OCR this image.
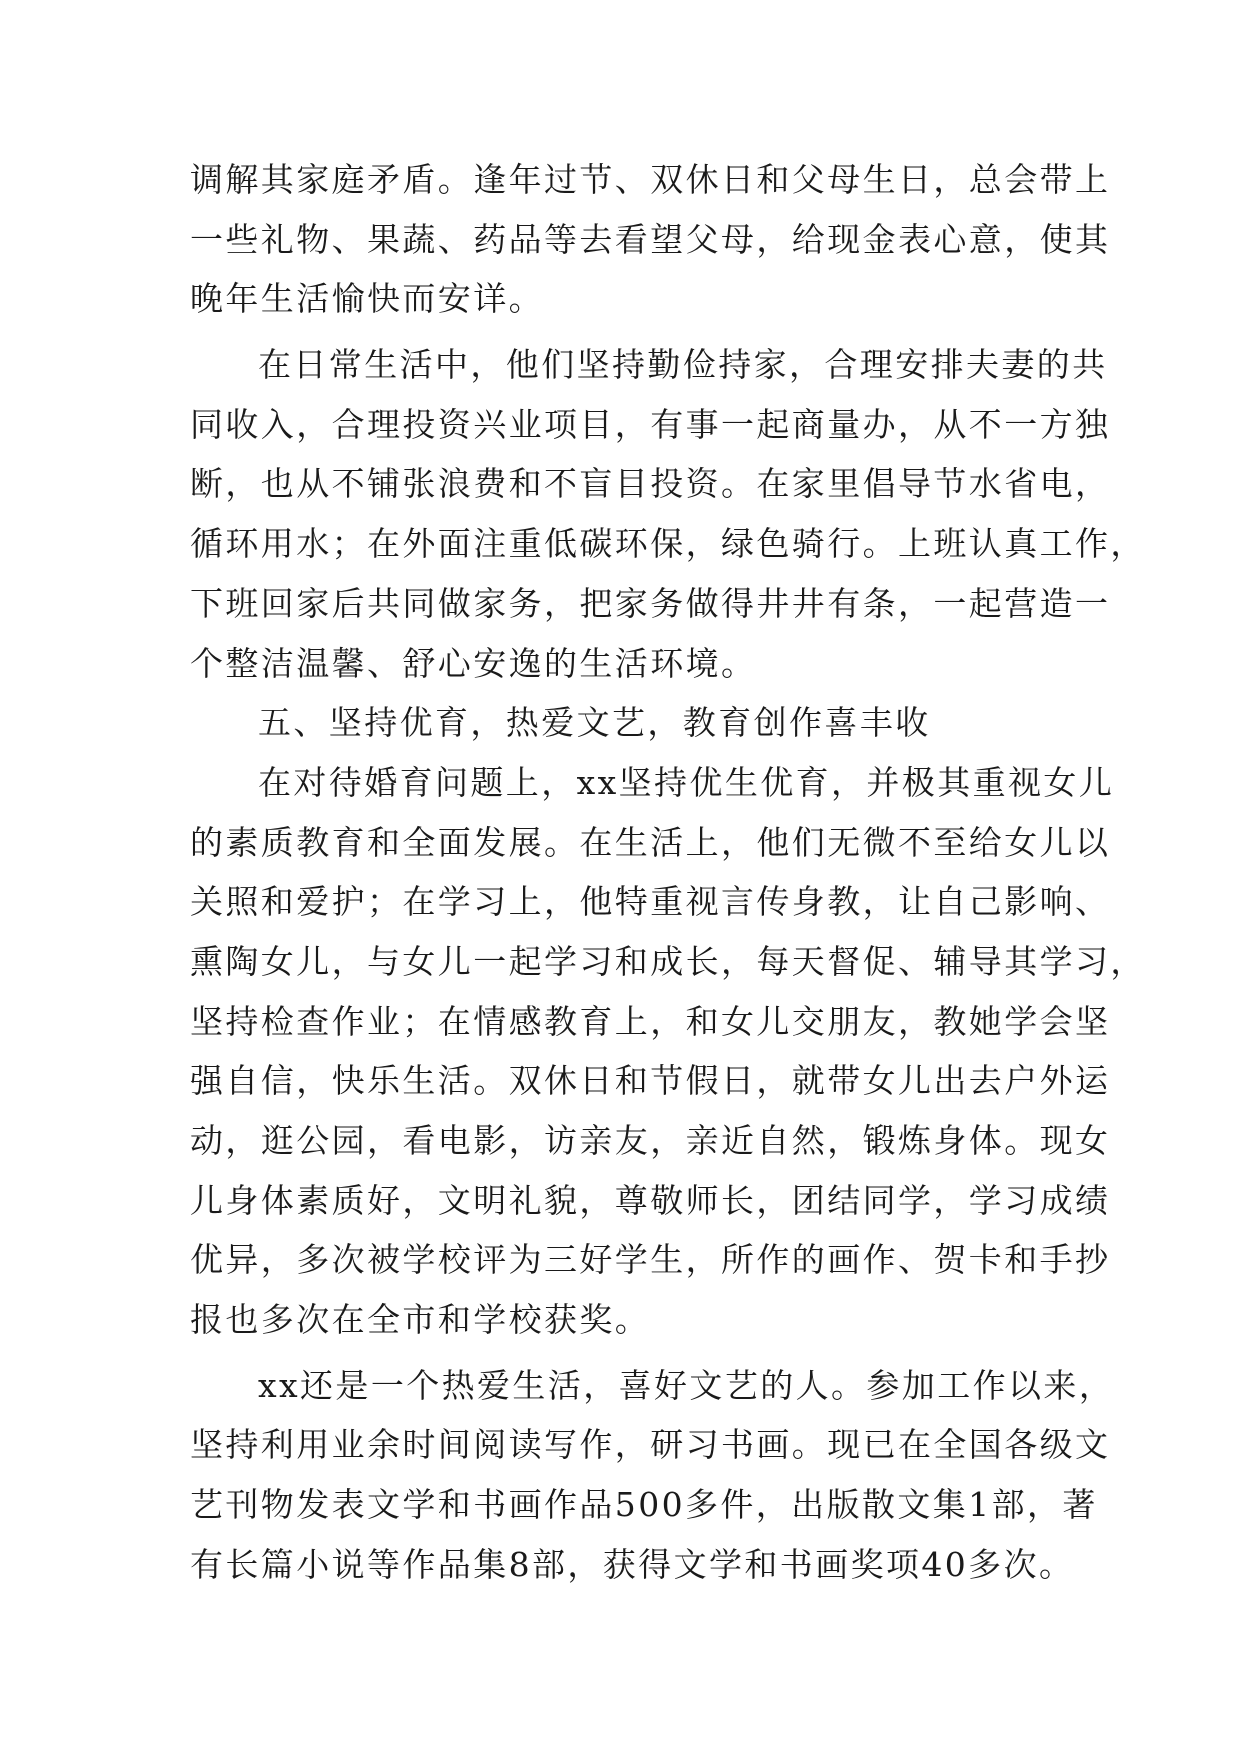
调解其家庭矛盾。逢年过节、双休日和父母生日，总会带上
一些礼物、果蔬、药品等去看望父母，给现金表心意，使其
晚年生活愉快而安详。
在日常生活中，他们坚持勤俭持家，合理安排夫妻的共
同收入，合理投资兴业项目，有事一起商量办，从不一方独
断，也从不铺张浪费和不盲目投资。在家里倡导节水省电，
循环用水；在外面注重低碳环保，绿色骑行。上班认真工作，
下班回家后共同做家务，把家务做得井井有条，一起营造一
个整洁温馨、舒心安逸的生活环境。
五、坚持优育，热爱文艺，教育创作喜丰收
在对待婚育问题上，xx坚持优生优育，并极其重视女儿
的素质教育和全面发展。在生活上，他们无微不至给女儿以
关照和爱护；在学习上，他特重视言传身教，让自己影响、
熏陶女儿，与女儿一起学习和成长，每天督促、辅导其学习，
坚持检查作业；在情感教育上，和女儿交朋友，教她学会坚
强自信，快乐生活。双休日和节假日，就带女儿出去户外运
动，逛公园，看电影，访亲友，亲近自然，锻炼身体。现女
儿身体素质好，文明礼貌，尊敬师长，团结同学，学习成绩
优异，多次被学校评为三好学生，所作的画作、贺卡和手抄
报也多次在全市和学校获奖。
xx还是一个热爱生活，喜好文艺的人。参加工作以来，
坚持利用业余时间阅读写作，研习书画。现已在全国各级文
艺刊物发表文学和书画作品500多件，出版散文集1部，著
有长篇小说等作品集8部，获得文学和书画奖项40多次。
